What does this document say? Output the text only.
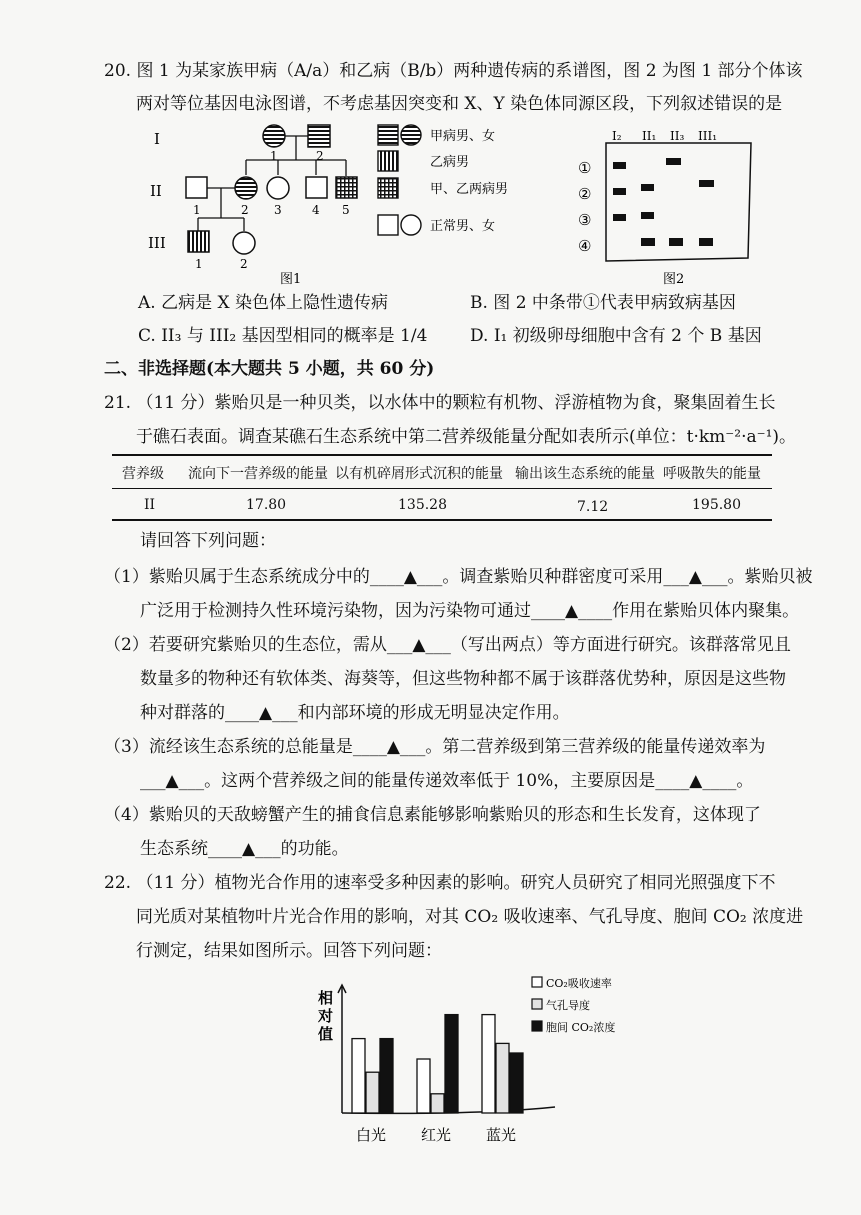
20. 图 1 为某家族甲病（A/a）和乙病（B/b）两种遗传病的系谱图，图 2 为图 1 部分个体该
两对等位基因电泳图谱，不考虑基因突变和 X、Y 染色体同源区段，下列叙述错误的是
I
II
III
1	2
1	2 3	4 5
1	2
图1
甲病男、女
乙病男
甲、乙两病男
正常男、女
I₂ II₁ II₃ III₁
①
②
③
④
图2
A. 乙病是 X 染色体上隐性遗传病	B. 图 2 中条带①代表甲病致病基因
C. II₃ 与 III₂ 基因型相同的概率是 1/4	D. I₁ 初级卵母细胞中含有 2 个 B 基因
二、非选择题(本大题共 5 小题，共 60 分)
21. （11 分）紫贻贝是一种贝类，以水体中的颗粒有机物、浮游植物为食，聚集固着生长
于礁石表面。调查某礁石生态系统中第二营养级能量分配如表所示(单位：t·km⁻²·a⁻¹)。
营养级 流向下一营养级的能量 以有机碎屑形式沉积的能量 输出该生态系统的能量 呼吸散失的能量
II	17.80	135.28	7.12	195.80
请回答下列问题：
（1）紫贻贝属于生态系统成分中的____▲___。调查紫贻贝种群密度可采用___▲___。紫贻贝被
广泛用于检测持久性环境污染物，因为污染物可通过____▲____作用在紫贻贝体内聚集。
（2）若要研究紫贻贝的生态位，需从___▲___（写出两点）等方面进行研究。该群落常见且
数量多的物种还有软体类、海葵等，但这些物种都不属于该群落优势种，原因是这些物
种对群落的____▲___和内部环境的形成无明显决定作用。
（3）流经该生态系统的总能量是____▲___。第二营养级到第三营养级的能量传递效率为
___▲___。这两个营养级之间的能量传递效率低于 10%，主要原因是____▲____。
（4）紫贻贝的天敌螃蟹产生的捕食信息素能够影响紫贻贝的形态和生长发育，这体现了
生态系统____▲___的功能。
22. （11 分）植物光合作用的速率受多种因素的影响。研究人员研究了相同光照强度下不
同光质对某植物叶片光合作用的影响，对其 CO₂ 吸收速率、气孔导度、胞间 CO₂ 浓度进
行测定，结果如图所示。回答下列问题：
相
对
值
白光 红光 蓝光
CO₂吸收速率
气孔导度
胞间 CO₂浓度
